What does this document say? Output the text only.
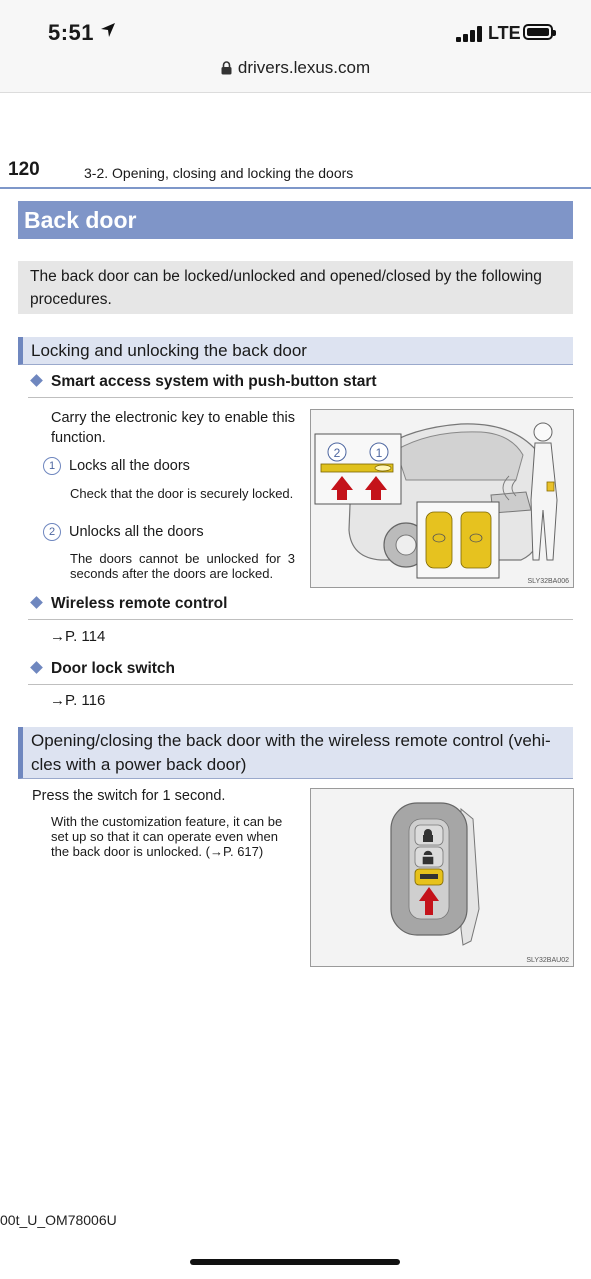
5:51	LTE
drivers.lexus.com
120	3-2. Opening, closing and locking the doors
Back door
The back door can be locked/unlocked and opened/closed by the following procedures.
Locking and unlocking the back door
Smart access system with push-button start
Carry the electronic key to enable this function.
1 Locks all the doors
Check that the door is securely locked.
2 Unlocks all the doors
The doors cannot be unlocked for 3 seconds after the doors are locked.
2	1
SLY32BA006
Wireless remote control
→P. 114
Door lock switch
→P. 116
Opening/closing the back door with the wireless remote control (vehi-
cles with a power back door)
Press the switch for 1 second.
With the customization feature, it can be set up so that it can operate even when the back door is unlocked. (→P. 617)
SLY32BAU02
00t_U_OM78006U
